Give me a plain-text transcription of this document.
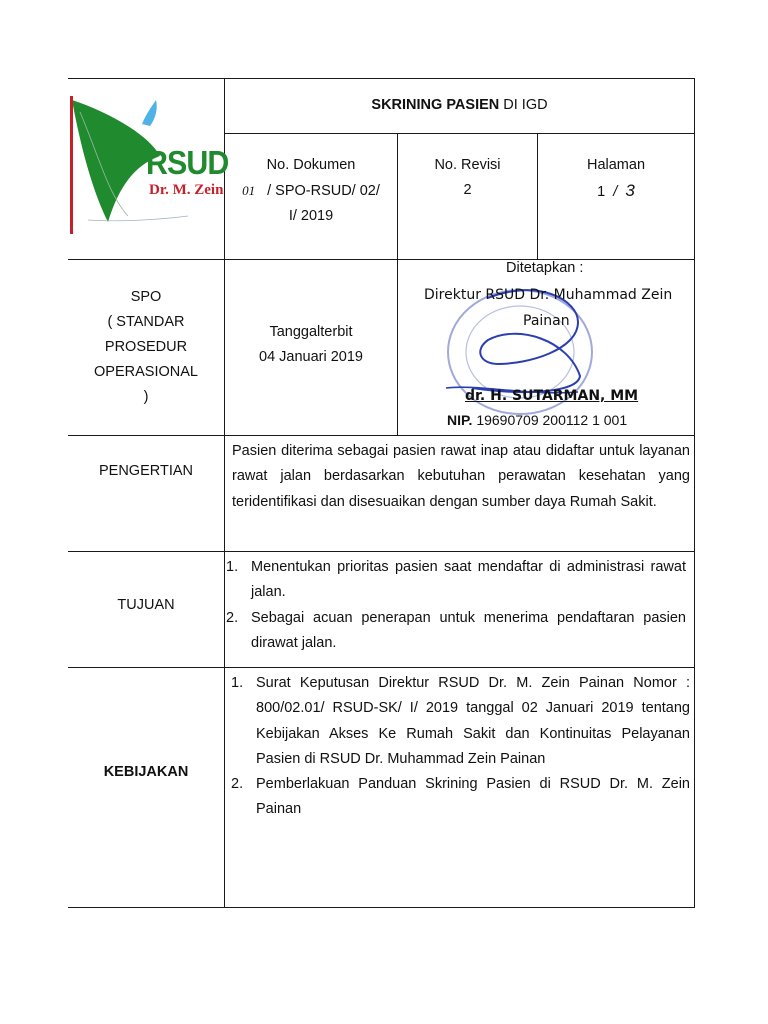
RSUD
Dr. M. Zein
SKRINING PASIEN DI IGD
No. Dokumen
01 / SPO-RSUD/ 02/
I/ 2019
No. Revisi
2
Halaman
1 / 3
SPO
( STANDAR
PROSEDUR
OPERASIONAL
)
Tanggalterbit
04 Januari 2019
Ditetapkan :
Direktur RSUD Dr. Muhammad Zein
Painan
dr. H. SUTARMAN, MM
NIP. 19690709 200112 1 001
PENGERTIAN
Pasien diterima sebagai pasien rawat inap atau didaftar untuk layanan rawat jalan berdasarkan kebutuhan perawatan kesehatan yang teridentifikasi dan disesuaikan dengan sumber daya Rumah Sakit.
TUJUAN
1. Menentukan prioritas pasien saat mendaftar di administrasi rawat jalan.
2. Sebagai acuan penerapan untuk menerima pendaftaran pasien dirawat jalan.
KEBIJAKAN
1. Surat Keputusan Direktur RSUD Dr. M. Zein Painan Nomor : 800/02.01/ RSUD-SK/ I/ 2019 tanggal 02 Januari 2019 tentang Kebijakan Akses Ke Rumah Sakit dan Kontinuitas Pelayanan Pasien di RSUD Dr. Muhammad Zein Painan
2. Pemberlakuan Panduan Skrining Pasien di RSUD Dr. M. Zein Painan
